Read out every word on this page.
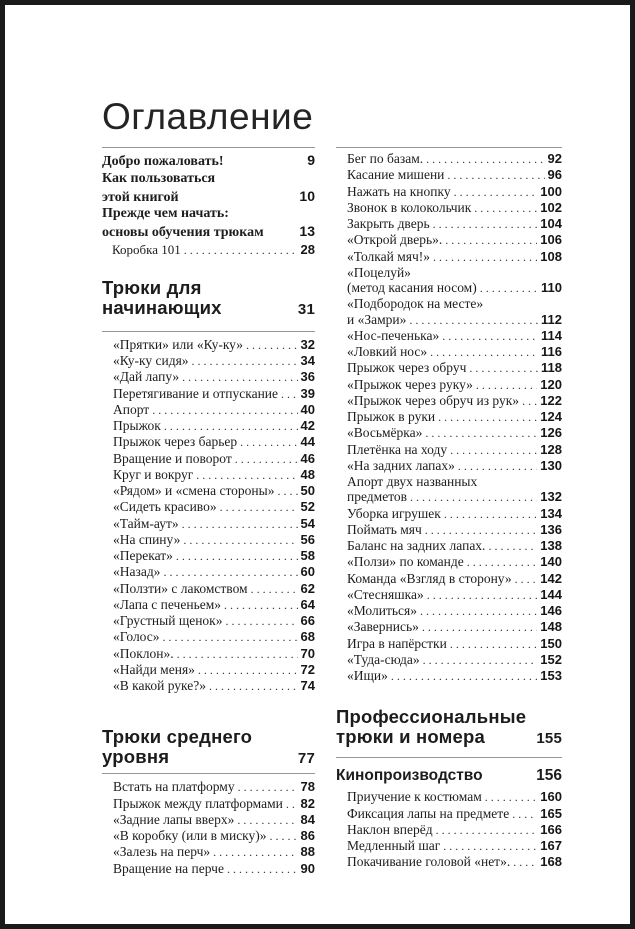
Оглавление
Добро пожаловать!	9
Как пользоваться
этой книгой	10
Прежде чем начать:
основы обучения трюкам	13
Коробка 101 .....	28
Трюки для
начинающих	31
«Прятки» или «Ку-ку» .....	32
«Ку-ку сидя» .....	34
«Дай лапу» .....	36
Перетягивание и отпускание ..... 39
Апорт .....	40
Прыжок .....	42
Прыжок через барьер .....	44
Вращение и поворот .....	46
Круг и вокруг .....	48
«Рядом» и «смена стороны» ..... 50
«Сидеть красиво» .....	52
«Тайм-аут» .....	54
«На спину» .....	56
«Перекат» .....	58
«Назад» .....	60
«Ползти» с лакомством .....	62
«Лапа с печеньем» .....	64
«Грустный щенок» .....	66
«Голос» .....	68
«Поклон». .....	70
«Найди меня» .....	72
«В какой руке?» .....	74
Трюки среднего
уровня	77
Встать на платформу .....	78
Прыжок между платформами ..... 82
«Задние лапы вверх» .....	84
«В коробку (или в миску)» .....	86
«Залезь на перч» .....	88
Вращение на перче .....	90
Бег по базам. .....	92
Касание мишени .....	96
Нажать на кнопку .....	100
Звонок в колокольчик .....	102
Закрыть дверь .....	104
«Открой дверь». .....	106
«Толкай мяч!» .....	108
«Поцелуй»
(метод касания носом) .....	110
«Подбородок на месте»
и «Замри» .....	112
«Нос-печенька» .....	114
«Ловкий нос» .....	116
Прыжок через обруч .....	118
«Прыжок через руку» .....	120
«Прыжок через обруч из рук» ..... 122
Прыжок в руки .....	124
«Восьмёрка» .....	126
Плетёнка на ходу .....	128
«На задних лапах» .....	130
Апорт двух названных
предметов .....	132
Уборка игрушек .....	134
Поймать мяч .....	136
Баланс на задних лапах. .....	138
«Ползи» по команде .....	140
Команда «Взгляд в сторону» ..... 142
«Стесняшка» .....	144
«Молиться» .....	146
«Завернись» .....	148
Игра в напёрстки .....	150
«Туда-сюда» .....	152
«Ищи» .....	153
Профессиональные
трюки и номера	155
Кинопроизводство	156
Приучение к костюмам .....	160
Фиксация лапы на предмете ..... 165
Наклон вперёд .....	166
Медленный шаг .....	167
Покачивание головой «нет». ..... 168
